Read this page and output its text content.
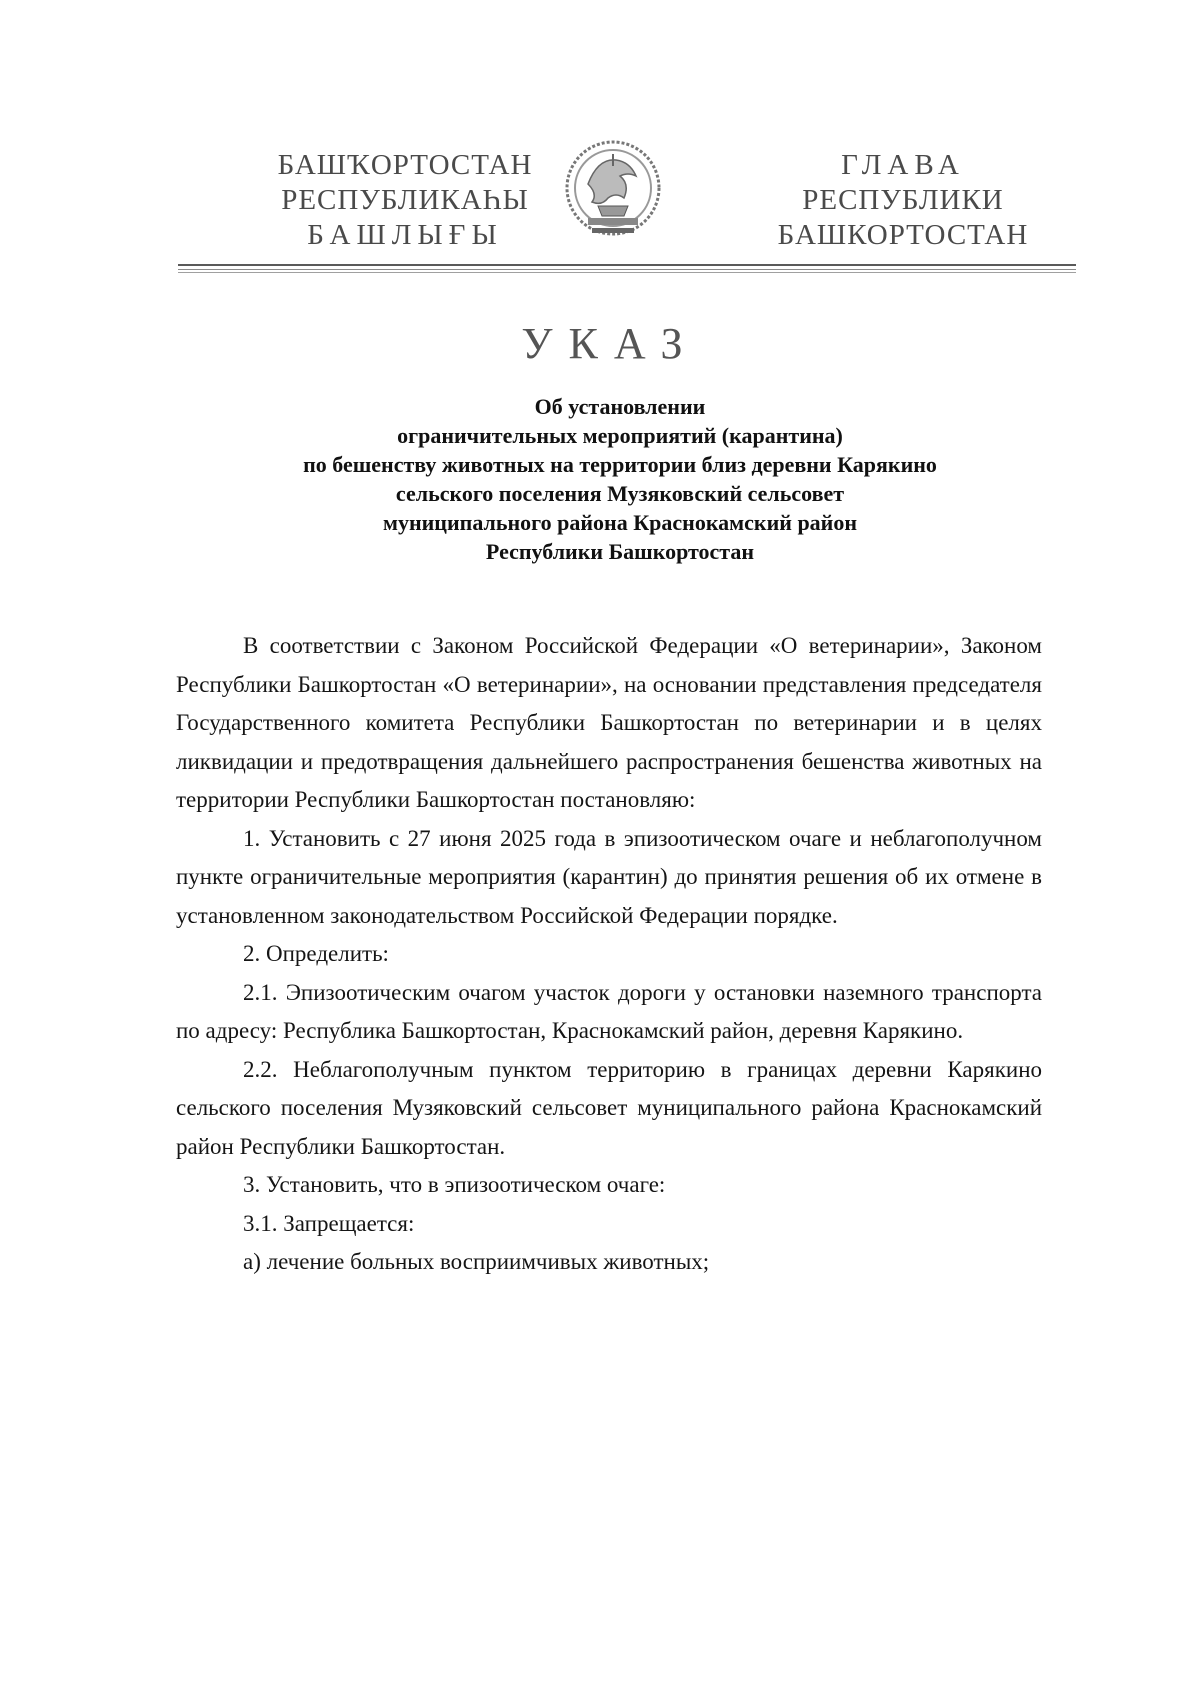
БАШҠОРТОСТАН
РЕСПУБЛИКАҺЫ
БАШЛЫҒЫ
ГЛАВА
РЕСПУБЛИКИ
БАШКОРТОСТАН
УКАЗ
Об установлении
ограничительных мероприятий (карантина)
по бешенству животных на территории близ деревни Карякино
сельского поселения Музяковский сельсовет
муниципального района Краснокамский район
Республики Башкортостан

В соответствии с Законом Российской Федерации «О ветеринарии», Законом Республики Башкортостан «О ветеринарии», на основании представления председателя Государственного комитета Республики Башкортостан по ветеринарии и в целях ликвидации и предотвращения дальнейшего распространения бешенства животных на территории Республики Башкортостан постановляю:

1. Установить с 27 июня 2025 года в эпизоотическом очаге и неблагополучном пункте ограничительные мероприятия (карантин) до принятия решения об их отмене в установленном законодательством Российской Федерации порядке.

2. Определить:

2.1. Эпизоотическим очагом участок дороги у остановки наземного транспорта по адресу: Республика Башкортостан, Краснокамский район, деревня Карякино.

2.2. Неблагополучным пунктом территорию в границах деревни Карякино сельского поселения Музяковский сельсовет муниципального района Краснокамский район Республики Башкортостан.

3. Установить, что в эпизоотическом очаге:

3.1. Запрещается:

а) лечение больных восприимчивых животных;
